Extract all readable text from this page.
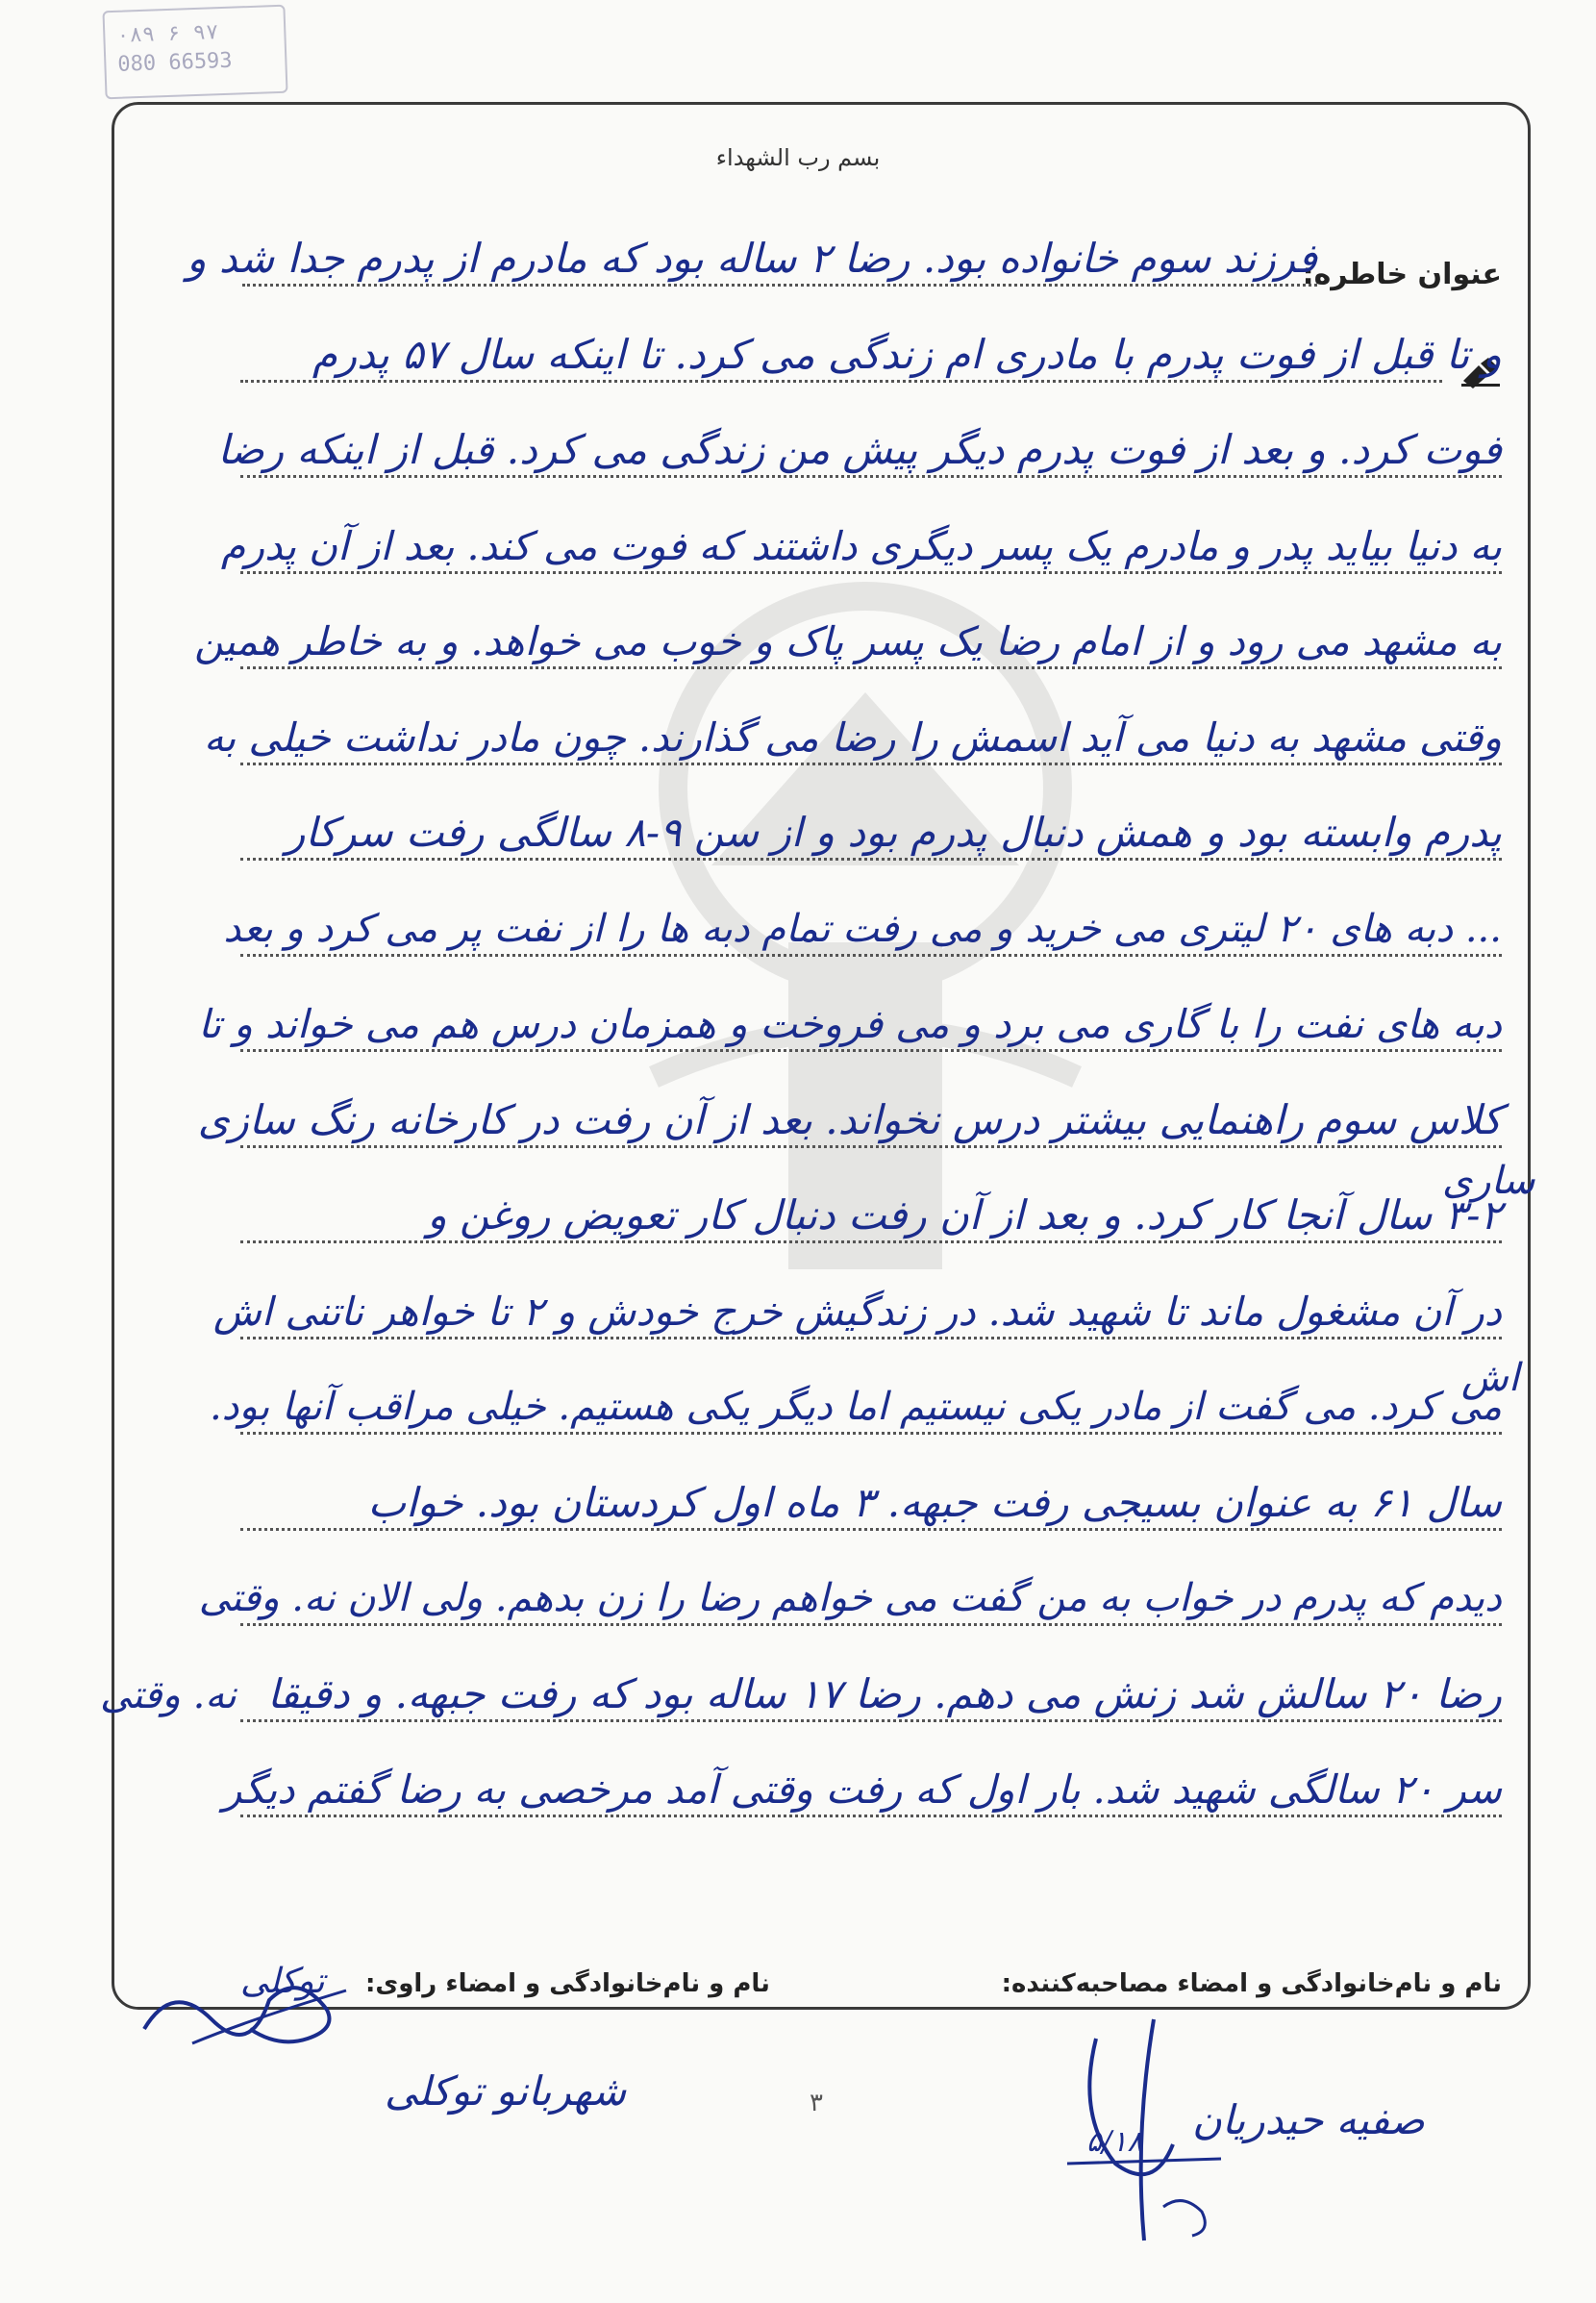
۰۸۹ ۶ ۹۷
080 66593
بسم رب الشهداء
عنوان خاطره:
فرزند سوم خانواده بود. رضا ۲ ساله بود که مادرم از پدرم جدا شد و
و تا قبل از فوت پدرم با مادری ام زندگی می کرد. تا اینکه سال ۵۷ پدرم
فوت کرد. و بعد از فوت پدرم دیگر پیش من زندگی می کرد. قبل از اینکه رضا
به دنیا بیاید پدر و مادرم یک پسر دیگری داشتند که فوت می کند. بعد از آن پدرم
به مشهد می رود و از امام رضا یک پسر پاک و خوب می خواهد. و به خاطر همین
وقتی مشهد به دنیا می آید اسمش را رضا می گذارند. چون مادر نداشت خیلی به
پدرم وابسته بود و همش دنبال پدرم بود و از سن ۹-۸ سالگی رفت سرکار
... دبه های ۲۰ لیتری می خرید و می رفت تمام دبه ها را از نفت پر می کرد و بعد
دبه های نفت را با گاری می برد و می فروخت و همزمان درس هم می خواند و تا
کلاس سوم راهنمایی بیشتر درس نخواند. بعد از آن رفت در کارخانه رنگ سازی
۳-۲ سال آنجا کار کرد. و بعد از آن رفت دنبال کار تعویض روغن و
در آن مشغول ماند تا شهید شد. در زندگیش خرج خودش و ۲ تا خواهر ناتنی اش
می کرد. می گفت از مادر یکی نیستیم اما دیگر یکی هستیم. خیلی مراقب آنها بود.
سال ۶۱ به عنوان بسیجی رفت جبهه. ۳ ماه اول کردستان بود. خواب
دیدم که پدرم در خواب به من گفت می خواهم رضا را زن بدهم. ولی الان نه. وقتی
رضا ۲۰ سالش شد زنش می دهم. رضا ۱۷ ساله بود که رفت جبهه. و دقیقا
سر ۲۰ سالگی شهید شد. بار اول که رفت وقتی آمد مرخصی به رضا گفتم دیگر
ساری
اش
نه. وقتی
نام و نام‌خانوادگی و امضاء مصاحبه‌کننده:
نام و نام‌خانوادگی و امضاء راوی:
توکلی
شهربانو توکلی
صفیه حیدریان
۵/۱۸
۳
